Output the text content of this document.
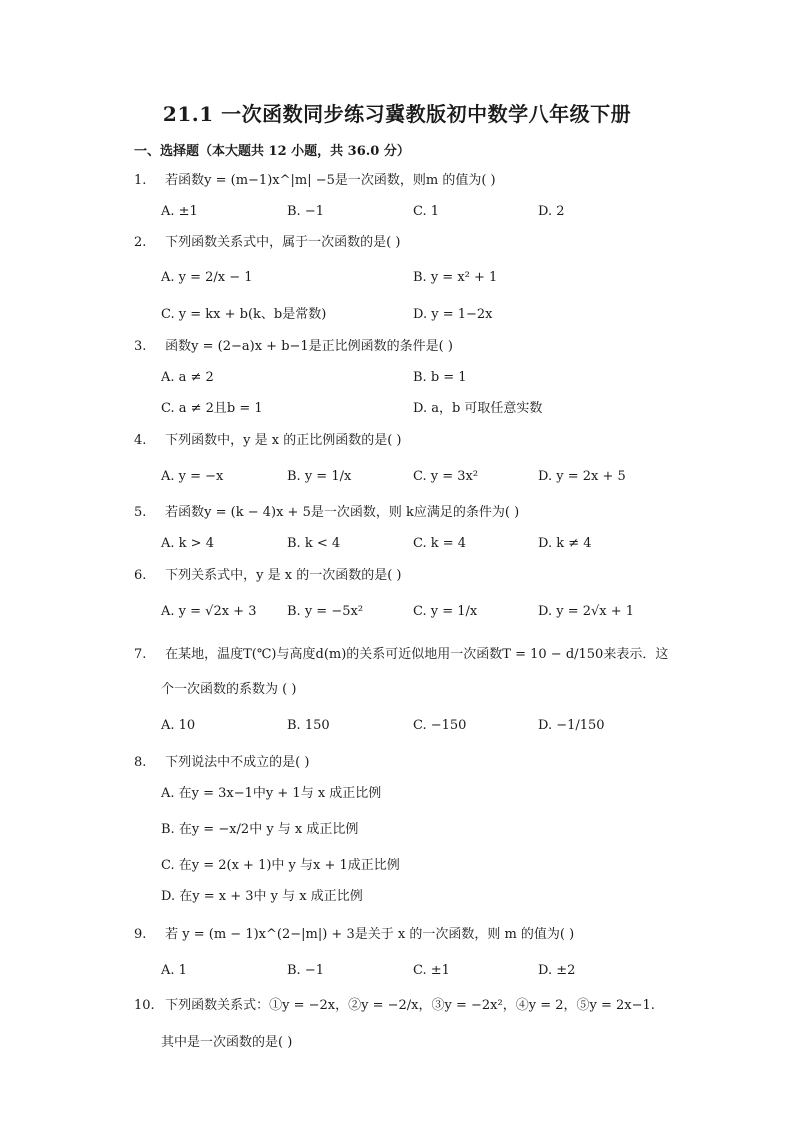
21.1 一次函数同步练习冀教版初中数学八年级下册
一、选择题（本大题共 12 小题，共 36.0 分）
1. 若函数y = (m−1)x^|m| −5是一次函数，则m 的值为( )
A. ±1	B. −1	C. 1	D. 2
2. 下列函数关系式中，属于一次函数的是( )
A. y = 2/x − 1	B. y = x² + 1
C. y = kx + b(k、b是常数)	D. y = 1−2x
3. 函数y = (2−a)x + b−1是正比例函数的条件是( )
A. a ≠ 2	B. b = 1
C. a ≠ 2且b = 1	D. a，b 可取任意实数
4. 下列函数中，y 是 x 的正比例函数的是( )
A. y = −x	B. y = 1/x	C. y = 3x²	D. y = 2x + 5
5. 若函数y = (k − 4)x + 5是一次函数，则 k应满足的条件为( )
A. k > 4	B. k < 4	C. k = 4	D. k ≠ 4
6. 下列关系式中，y 是 x 的一次函数的是( )
A. y = √2x + 3 B. y = −5x²	C. y = 1/x	D. y = 2√x + 1
7. 在某地，温度T(℃)与高度d(m)的关系可近似地用一次函数T = 10 − d/150来表示．这
个一次函数的系数为 ( )
A. 10	B. 150	C. −150	D. −1/150
8. 下列说法中不成立的是( )
A. 在y = 3x−1中y + 1与 x 成正比例
B. 在y = −x/2中 y 与 x 成正比例
C. 在y = 2(x + 1)中 y 与x + 1成正比例
D. 在y = x + 3中 y 与 x 成正比例
9. 若 y = (m − 1)x^(2−|m|) + 3是关于 x 的一次函数，则 m 的值为( )
A. 1	B. −1	C. ±1	D. ±2
10. 下列函数关系式：①y = −2x，②y = −2/x，③y = −2x²，④y = 2，⑤y = 2x−1.
其中是一次函数的是( )
